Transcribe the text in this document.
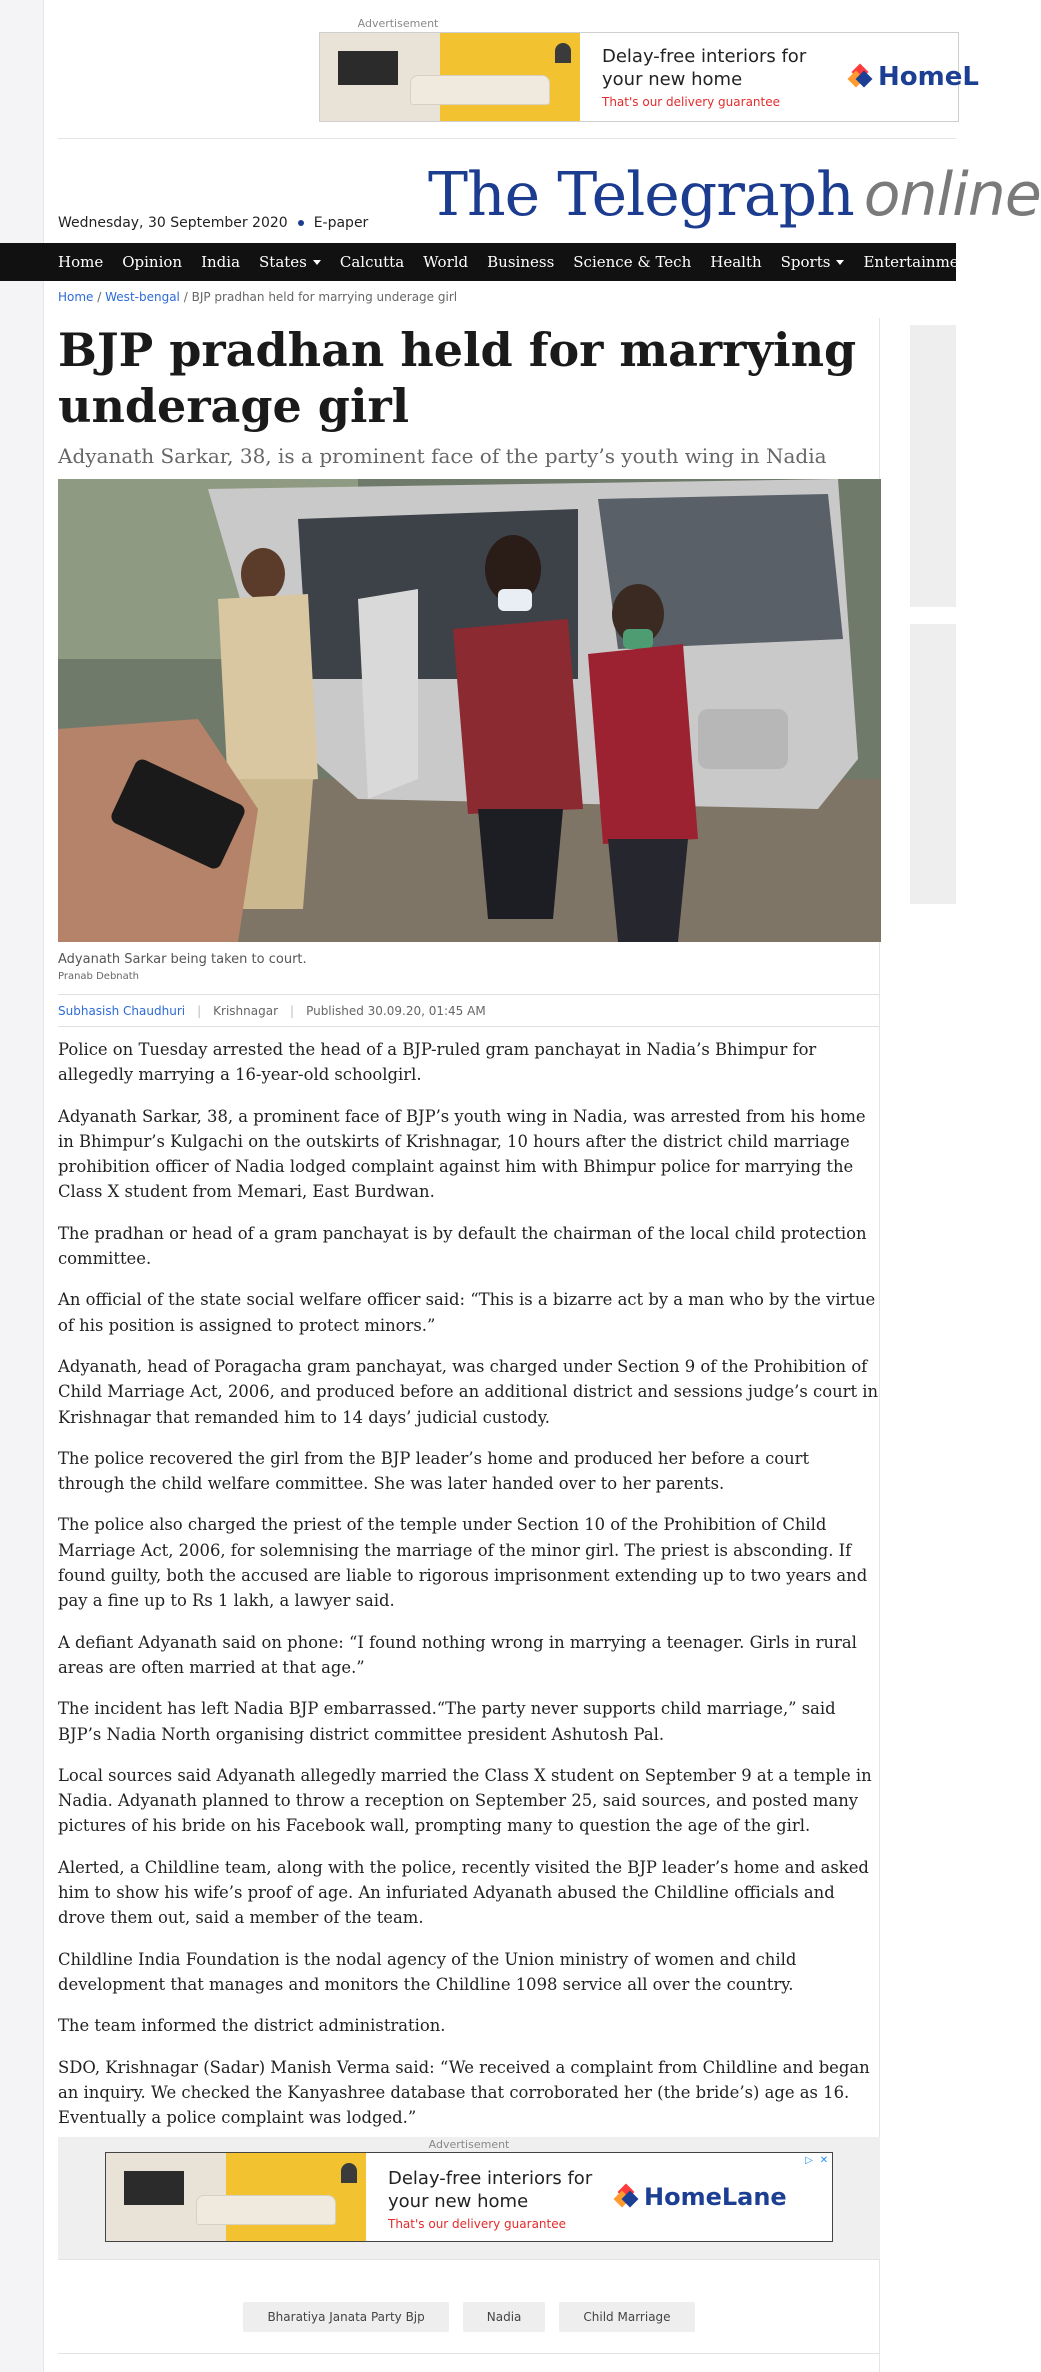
Advertisement
Delay-free interiors for
your new home
That's our delivery guarantee
HomeL
Wednesday, 30 September 2020 E-paper The Telegraph online
Home Opinion India States Calcutta World Business Science & Tech Health Sports Entertainment Cultu
Home / West-bengal / BJP pradhan held for marrying underage girl
BJP pradhan held for marrying underage girl
Adyanath Sarkar, 38, is a prominent face of the party’s youth wing in Nadia
Adyanath Sarkar being taken to court.
Pranab Debnath
Subhasish Chaudhuri | Krishnagar | Published 30.09.20, 01:45 AM

Police on Tuesday arrested the head of a BJP-ruled gram panchayat in Nadia’s Bhimpur for allegedly marrying a 16-year-old schoolgirl.

Adyanath Sarkar, 38, a prominent face of BJP’s youth wing in Nadia, was arrested from his home in Bhimpur’s Kulgachi on the outskirts of Krishnagar, 10 hours after the district child marriage prohibition officer of Nadia lodged complaint against him with Bhimpur police for marrying the Class X student from Memari, East Burdwan.

The pradhan or head of a gram panchayat is by default the chairman of the local child protection committee.

An official of the state social welfare officer said: “This is a bizarre act by a man who by the virtue of his position is assigned to protect minors.”

Adyanath, head of Poragacha gram panchayat, was charged under Section 9 of the Prohibition of Child Marriage Act, 2006, and produced before an additional district and sessions judge’s court in Krishnagar that remanded him to 14 days’ judicial custody.

The police recovered the girl from the BJP leader’s home and produced her before a court through the child welfare committee. She was later handed over to her parents.

The police also charged the priest of the temple under Section 10 of the Prohibition of Child Marriage Act, 2006, for solemnising the marriage of the minor girl. The priest is absconding. If found guilty, both the accused are liable to rigorous imprisonment extending up to two years and pay a fine up to Rs 1 lakh, a lawyer said.

A defiant Adyanath said on phone: “I found nothing wrong in marrying a teenager. Girls in rural areas are often married at that age.”

The incident has left Nadia BJP embarrassed.“The party never supports child marriage,” said BJP’s Nadia North organising district committee president Ashutosh Pal.

Local sources said Adyanath allegedly married the Class X student on September 9 at a temple in Nadia. Adyanath planned to throw a reception on September 25, said sources, and posted many pictures of his bride on his Facebook wall, prompting many to question the age of the girl.

Alerted, a Childline team, along with the police, recently visited the BJP leader’s home and asked him to show his wife’s proof of age. An infuriated Adyanath abused the Childline officials and drove them out, said a member of the team.

Childline India Foundation is the nodal agency of the Union ministry of women and child development that manages and monitors the Childline 1098 service all over the country.

The team informed the district administration.

SDO, Krishnagar (Sadar) Manish Verma said: “We received a complaint from Childline and began an inquiry. We checked the Kanyashree database that corroborated her (the bride’s) age as 16. Eventually a police complaint was lodged.”

Advertisement
Delay-free interiors for
your new home
That's our delivery guarantee
HomeLane
▷ ✕
Bharatiya Janata Party Bjp	Nadia	Child Marriage
